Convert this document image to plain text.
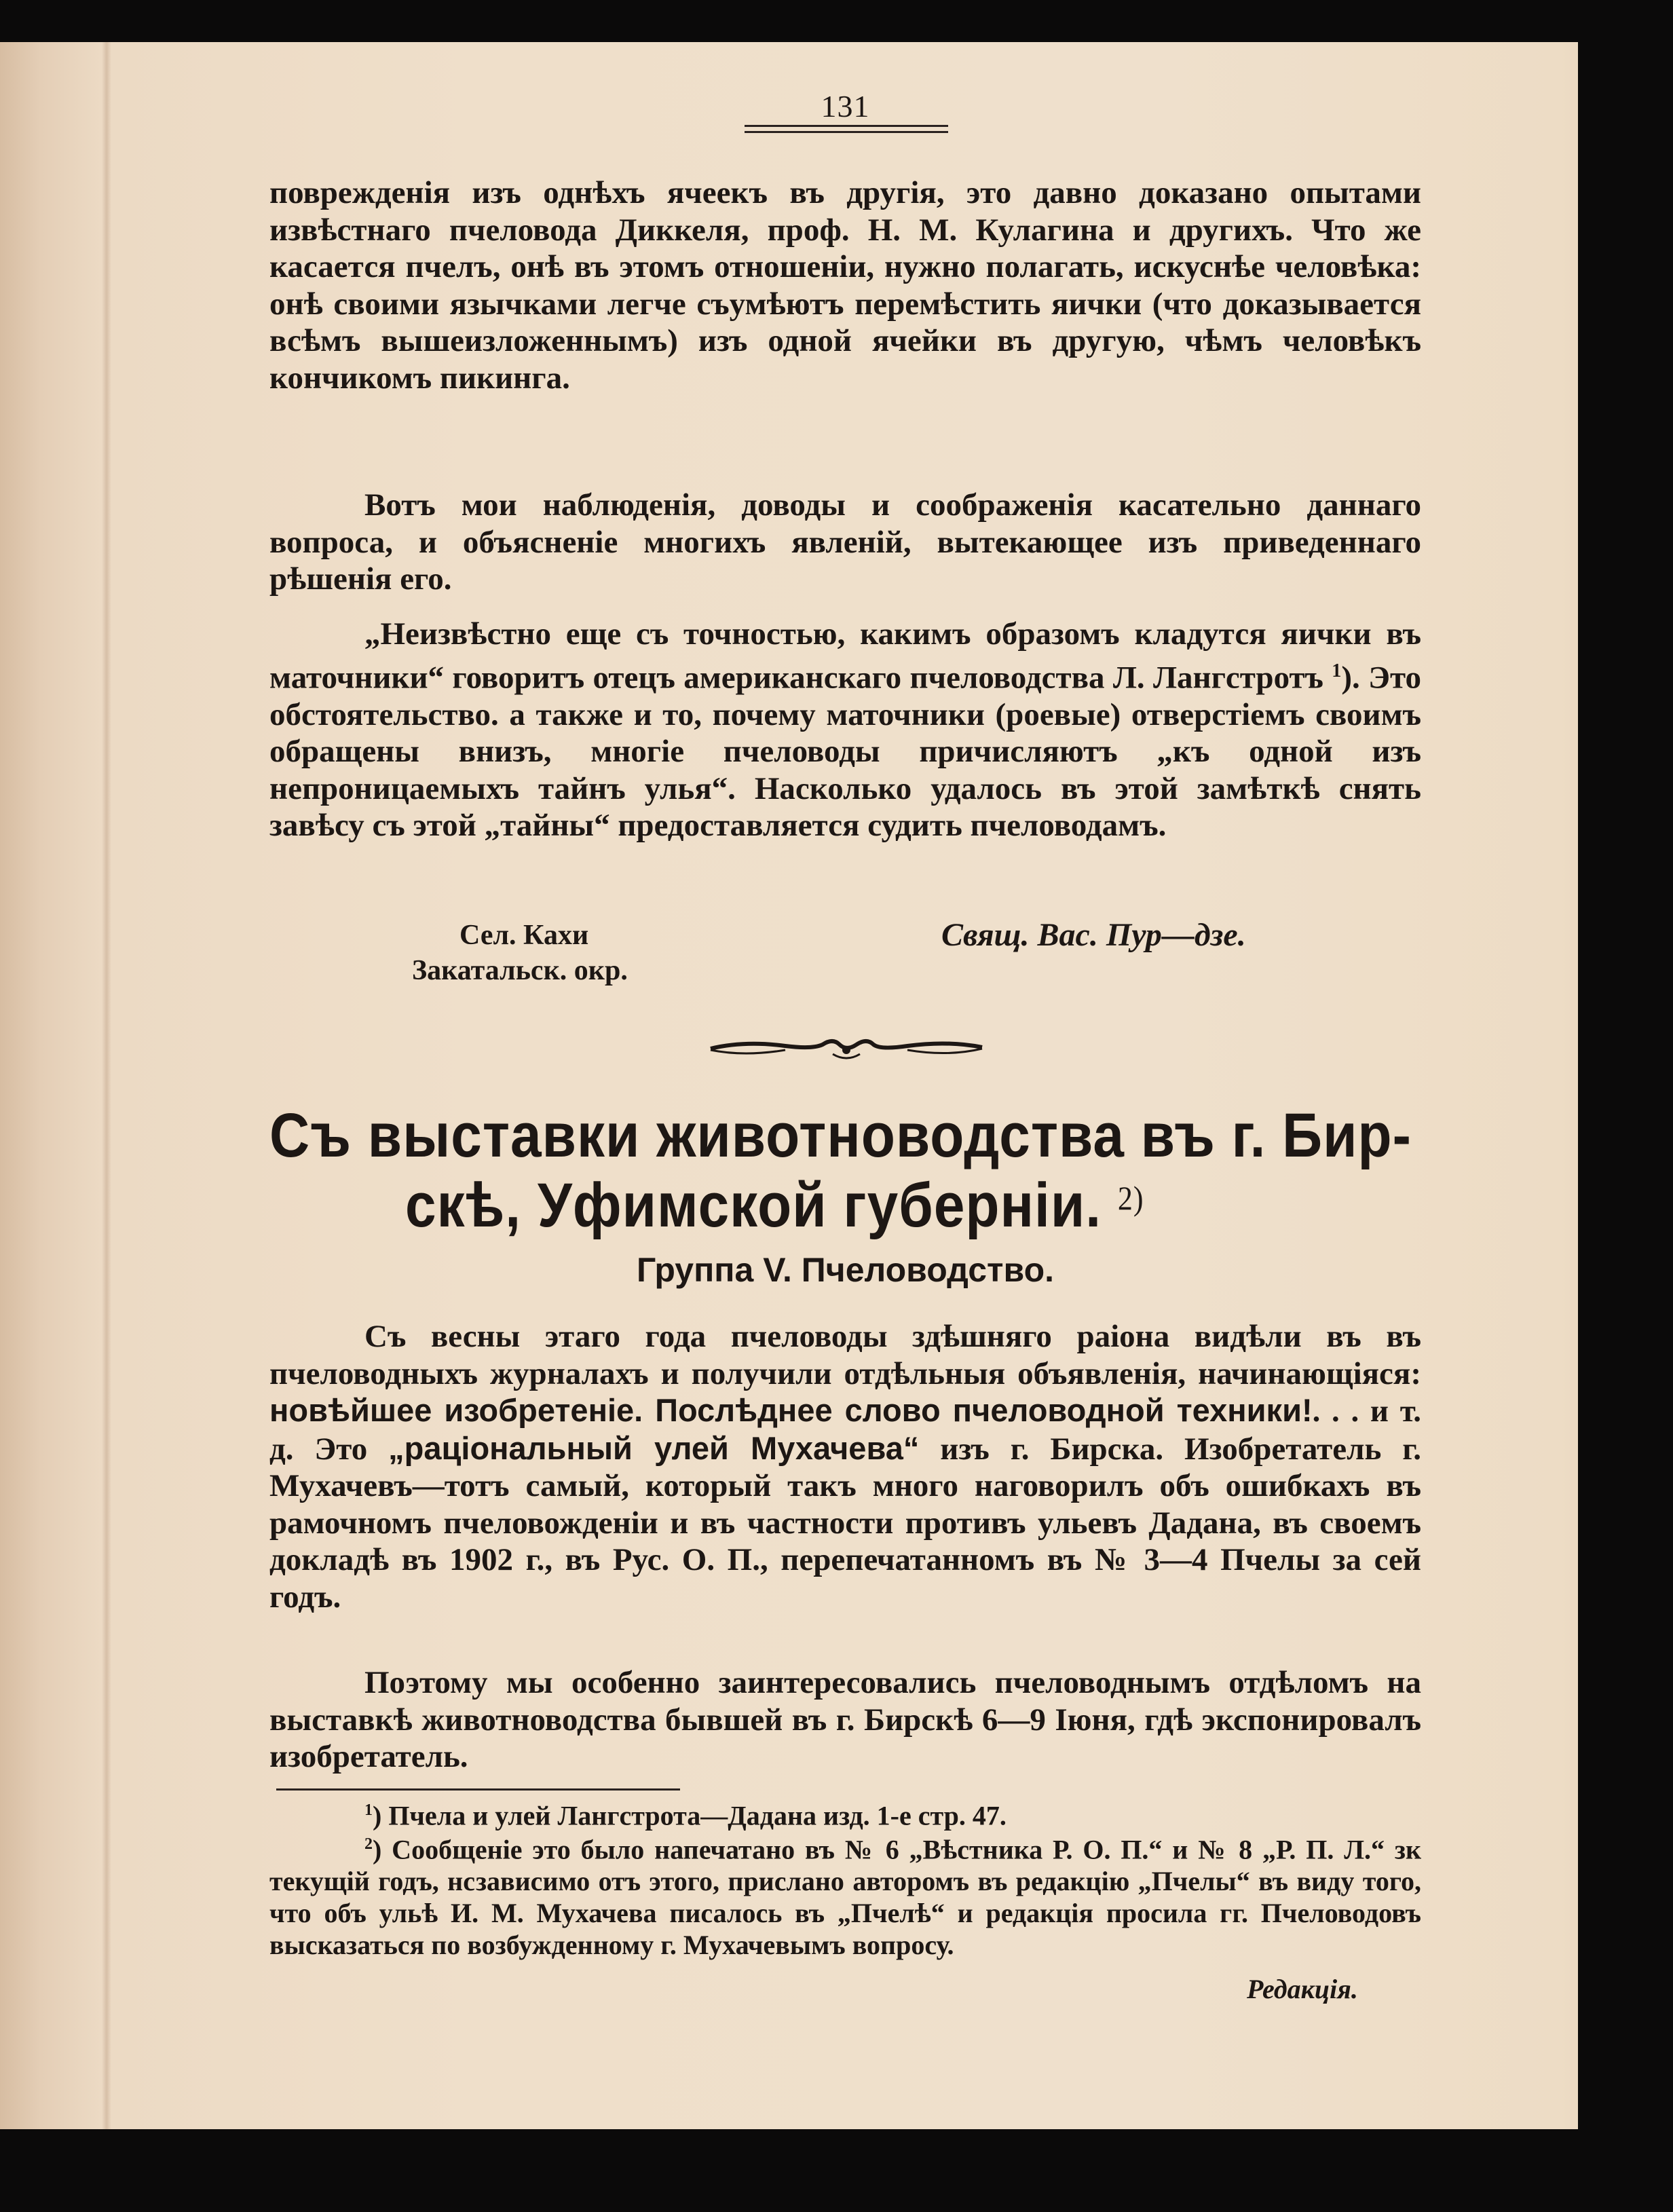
131

поврежденія изъ однѣхъ ячеекъ въ другія, это давно доказано опытами извѣстнаго пчеловода Диккеля, проф. Н. М. Кулагина и другихъ. Что же касается пчелъ, онѣ въ этомъ отношеніи, нужно полагать, искуснѣе человѣка: онѣ своими язычками легче съумѣютъ перемѣстить яички (что доказывается всѣмъ вышеизложеннымъ) изъ одной ячейки въ другую, чѣмъ человѣкъ кончикомъ пикинга.

Вотъ мои наблюденія, доводы и соображенія касательно даннаго вопроса, и объясненіе многихъ явленій, вытекающее изъ приведеннаго рѣшенія его.

„Неизвѣстно еще съ точностью, какимъ образомъ кладутся яички въ маточники“ говоритъ отецъ американскаго пчеловодства Л. Лангстротъ $^1$). Это обстоятельство. а также и то, почему маточники (роевые) отверстіемъ своимъ обращены внизъ, многіе пчеловоды причисляютъ „къ одной изъ непроницаемыхъ тайнъ улья“. Насколько удалось въ этой замѣткѣ снять завѣсу съ этой „тайны“ предоставляется судить пчеловодамъ.

Сел. Кахи
Закатальск. окр.
Свящ. Вас. Пур—дзе.
Съ выставки животноводства въ г. Бир-
скѣ, Уфимской губерніи. $^{2)}$
Группа V. Пчеловодство.

Съ весны этаго года пчеловоды здѣшняго раіона видѣли въ въ пчеловодныхъ журналахъ и получили отдѣльныя объявленія, начинающіяся: новѣйшее изобретеніе. Послѣднее слово пчеловодной техники!. . . и т. д. Это „раціональный улей Мухачева“ изъ г. Бирска. Изобретатель г. Мухачевъ—тотъ самый, который такъ много наговорилъ объ ошибкахъ въ рамочномъ пчеловожденіи и въ частности противъ ульевъ Дадана, въ своемъ докладѣ въ 1902 г., въ Рус. О. П., перепечатанномъ въ № 3—4 Пчелы за сей годъ.

Поэтому мы особенно заинтересовались пчеловоднымъ отдѣломъ на выставкѣ животноводства бывшей въ г. Бирскѣ 6—9 Іюня, гдѣ экспонировалъ изобретатель.

$^1$) Пчела и улей Лангстрота—Дадана изд. 1-е стр. 47.

$^2$) Сообщеніе это было напечатано въ № 6 „Вѣстника Р. О. П.“ и № 8 „Р. П. Л.“ зк текущій годъ, нсзависимо отъ этого, прислано авторомъ въ редакцію „Пчелы“ въ виду того, что объ ульѣ И. М. Мухачева писалось въ „Пчелѣ“ и редакція просила гг. Пчеловодовъ высказаться по возбужденному г. Мухачевымъ вопросу.

Редакція.
